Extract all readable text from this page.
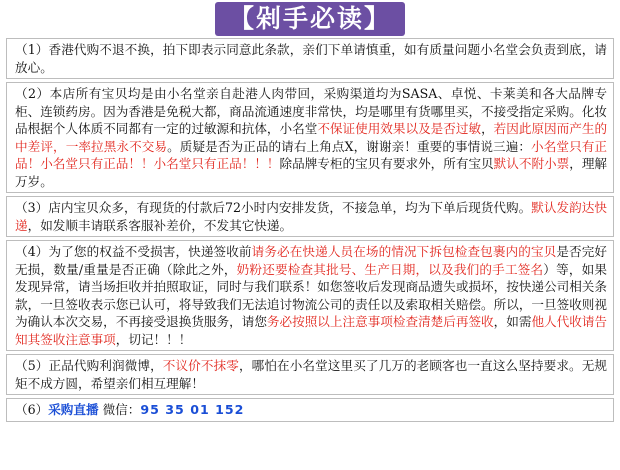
【剁手必读】
（1）香港代购不退不换，拍下即表示同意此条款，亲们下单请慎重，如有质量问题小名堂会负责到底，请放心。
（2）本店所有宝贝均是由小名堂亲自赴港人肉带回，采购渠道均为SASA、卓悦、卡莱美和各大品牌专柜、连锁药房。因为香港是免税大都，商品流通速度非常快，均是哪里有货哪里买，不接受指定采购。化妆品根据个人体质不同都有一定的过敏源和抗体，小名堂不保证使用效果以及是否过敏，若因此原因而产生的中差评，一率拉黑永不交易。质疑是否为正品的请右上角点X，谢谢亲！重要的事情说三遍：小名堂只有正品！小名堂只有正品！！小名堂只有正品！！！除品牌专柜的宝贝有要求外，所有宝贝默认不附小票，理解万岁。
（3）店内宝贝众多，有现货的付款后72小时内安排发货，不接急单，均为下单后现货代购。默认发韵达快递，如发顺丰请联系客服补差价，不发其它快递。
（4）为了您的权益不受损害，快递签收前请务必在快递人员在场的情况下拆包检查包裹内的宝贝是否完好无损，数量/重量是否正确（除此之外，奶粉还要检查其批号、生产日期，以及我们的手工签名）等，如果发现异常，请当场拒收并拍照取证，同时与我们联系！如您签收后发现商品遗失或损坏，按快递公司相关条款，一旦签收表示您已认可，将导致我们无法追讨物流公司的责任以及索取相关赔偿。所以，一旦签收则视为确认本次交易，不再接受退换货服务，请您务必按照以上注意事项检查清楚后再签收，如需他人代收请告知其签收注意事项，切记！！！
（5）正品代购利润微博，不议价不抹零，哪怕在小名堂这里买了几万的老顾客也一直这么坚持要求。无规矩不成方圆，希望亲们相互理解！
（6）采购直播 微信：95 35 01 152
